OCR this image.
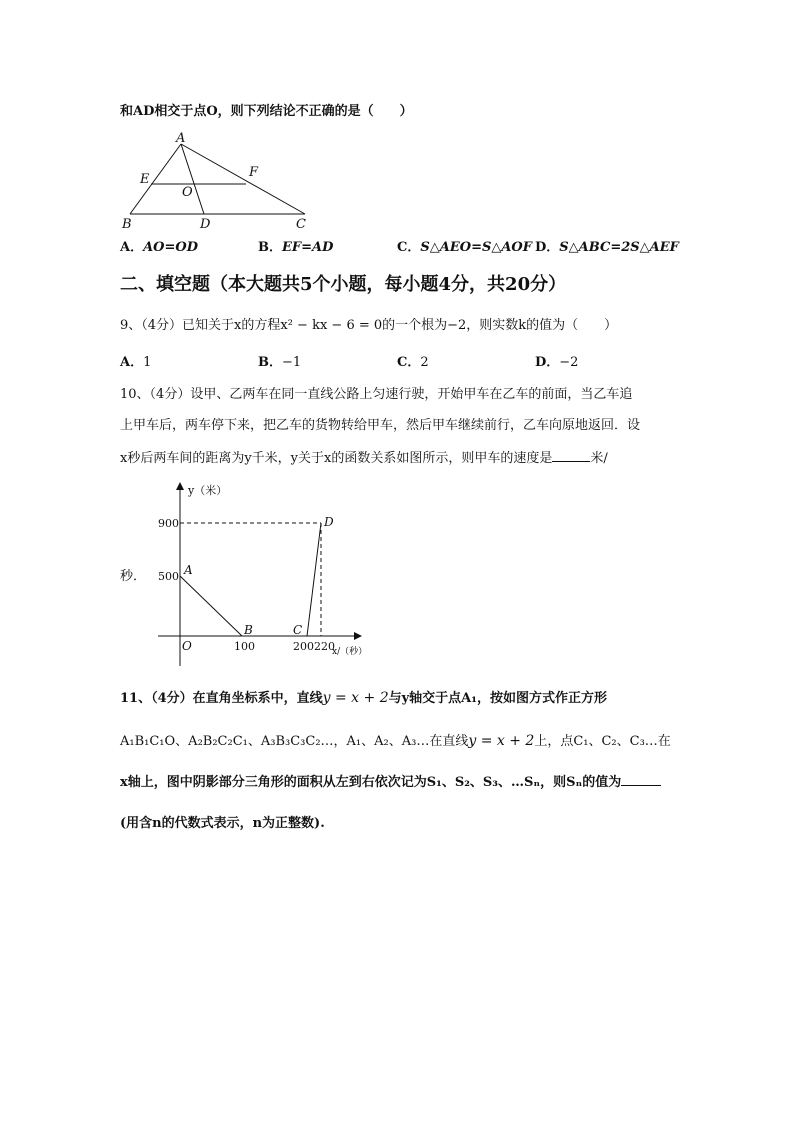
和AD相交于点O，则下列结论不正确的是（　　）
A
E	F
O
B	D	C
A．AO=OD	B．EF=AD	C．S△AEO=S△AOF D．S△ABC=2S△AEF
二、填空题（本大题共5个小题，每小题4分，共20分）
9、（4分）已知关于x的方程x² − kx − 6 = 0的一个根为−2，则实数k的值为（　　）
A．1	B．−1	C．2	D．−2
10、（4分）设甲、乙两车在同一直线公路上匀速行驶，开始甲车在乙车的前面，当乙车追
上甲车后，两车停下来，把乙车的货物转给甲车，然后甲车继续前行，乙车向原地返回．设
x秒后两车间的距离为y千米，y关于x的函数关系如图所示，则甲车的速度是	米/
秒．
y（米）
x/（秒）
900
500
100	200 220
O
A
B	C
D
11、（4分）在直角坐标系中，直线y = x + 2与y轴交于点A₁，按如图方式作正方形
A₁B₁C₁O、A₂B₂C₂C₁、A₃B₃C₃C₂…，A₁、A₂、A₃…在直线y = x + 2上，点C₁、C₂、C₃…在
x轴上，图中阴影部分三角形的面积从左到右依次记为S₁、S₂、S₃、…Sₙ，则Sₙ的值为
(用含n的代数式表示，n为正整数).
